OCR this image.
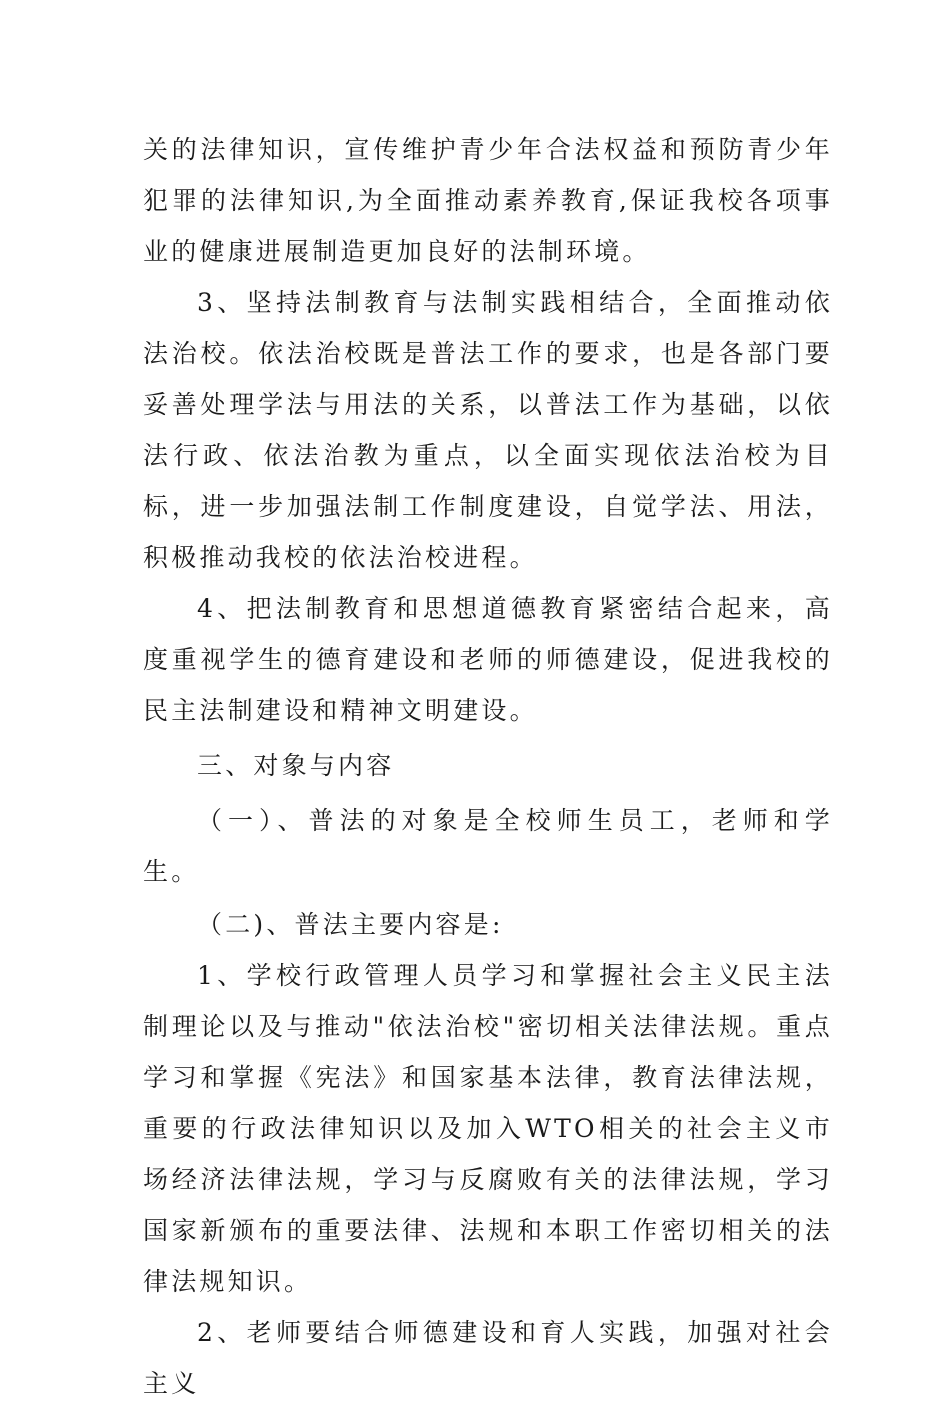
关的法律知识，宣传维护青少年合法权益和预防青少年犯罪的法律知识,为全面推动素养教育,保证我校各项事业的健康进展制造更加良好的法制环境。

3、坚持法制教育与法制实践相结合，全面推动依法治校。依法治校既是普法工作的要求，也是各部门要妥善处理学法与用法的关系，以普法工作为基础，以依法行政、依法治教为重点，以全面实现依法治校为目标，进一步加强法制工作制度建设，自觉学法、用法，积极推动我校的依法治校进程。

4、把法制教育和思想道德教育紧密结合起来，高度重视学生的德育建设和老师的师德建设，促进我校的民主法制建设和精神文明建设。

三、对象与内容

（一）、普法的对象是全校师生员工，老师和学生。

（二)、普法主要内容是:

1、学校行政管理人员学习和掌握社会主义民主法制理论以及与推动"依法治校"密切相关法律法规。重点学习和掌握《宪法》和国家基本法律，教育法律法规，重要的行政法律知识以及加入WTO相关的社会主义市场经济法律法规，学习与反腐败有关的法律法规，学习国家新颁布的重要法律、法规和本职工作密切相关的法律法规知识。

2、老师要结合师德建设和育人实践，加强对社会主义
